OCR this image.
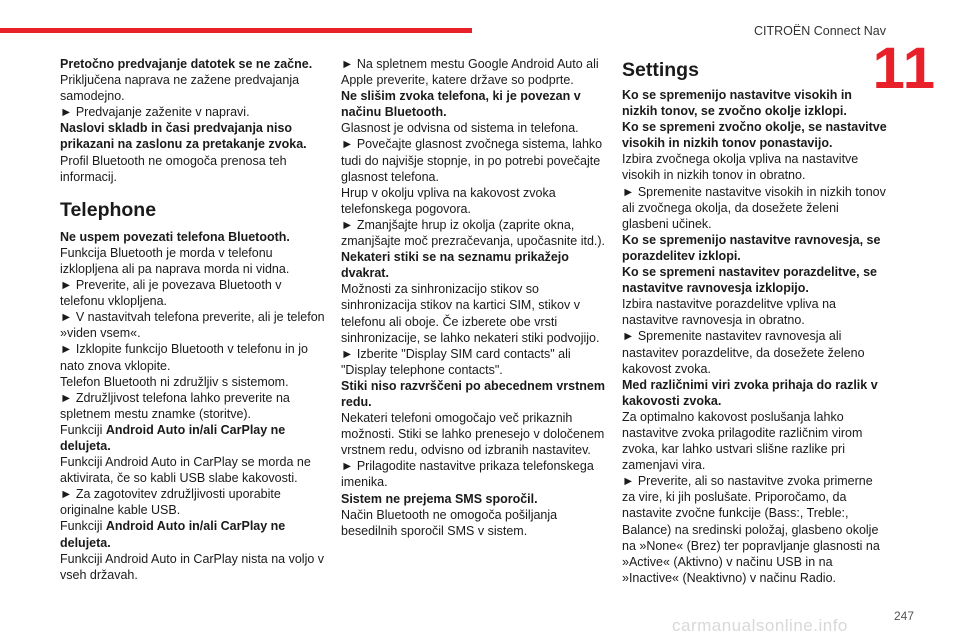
CITROËN Connect Nav
11

Pretočno predvajanje datotek se ne začne.

Priključena naprava ne zažene predvajanja samodejno.

► Predvajanje zaženite v napravi.

Naslovi skladb in časi predvajanja niso prikazani na zaslonu za pretakanje zvoka.

Profil Bluetooth ne omogoča prenosa teh informacij.

Telephone

Ne uspem povezati telefona Bluetooth.

Funkcija Bluetooth je morda v telefonu izklopljena ali pa naprava morda ni vidna.

► Preverite, ali je povezava Bluetooth v telefonu vklopljena.

► V nastavitvah telefona preverite, ali je telefon »viden vsem«.

► Izklopite funkcijo Bluetooth v telefonu in jo nato znova vklopite.

Telefon Bluetooth ni združljiv s sistemom.

► Združljivost telefona lahko preverite na spletnem mestu znamke (storitve).

Funkciji Android Auto in/ali CarPlay ne delujeta.

Funkciji Android Auto in CarPlay se morda ne aktivirata, če so kabli USB slabe kakovosti.

► Za zagotovitev združljivosti uporabite originalne kable USB.

Funkciji Android Auto in/ali CarPlay ne delujeta.

Funkciji Android Auto in CarPlay nista na voljo v vseh državah.

► Na spletnem mestu Google Android Auto ali Apple preverite, katere države so podprte.

Ne slišim zvoka telefona, ki je povezan v načinu Bluetooth.

Glasnost je odvisna od sistema in telefona.

► Povečajte glasnost zvočnega sistema, lahko tudi do najvišje stopnje, in po potrebi povečajte glasnost telefona.

Hrup v okolju vpliva na kakovost zvoka telefonskega pogovora.

► Zmanjšajte hrup iz okolja (zaprite okna, zmanjšajte moč prezračevanja, upočasnite itd.).

Nekateri stiki se na seznamu prikažejo dvakrat.

Možnosti za sinhronizacijo stikov so sinhronizacija stikov na kartici SIM, stikov v telefonu ali oboje. Če izberete obe vrsti sinhronizacije, se lahko nekateri stiki podvojijo.

► Izberite "Display SIM card contacts" ali "Display telephone contacts".

Stiki niso razvrščeni po abecednem vrstnem redu.

Nekateri telefoni omogočajo več prikaznih možnosti. Stiki se lahko prenesejo v določenem vrstnem redu, odvisno od izbranih nastavitev.

► Prilagodite nastavitve prikaza telefonskega imenika.

Sistem ne prejema SMS sporočil.

Način Bluetooth ne omogoča pošiljanja besedilnih sporočil SMS v sistem.

Settings

Ko se spremenijo nastavitve visokih in nizkih tonov, se zvočno okolje izklopi.

Ko se spremeni zvočno okolje, se nastavitve visokih in nizkih tonov ponastavijo.

Izbira zvočnega okolja vpliva na nastavitve visokih in nizkih tonov in obratno.

► Spremenite nastavitve visokih in nizkih tonov ali zvočnega okolja, da dosežete želeni glasbeni učinek.

Ko se spremenijo nastavitve ravnovesja, se porazdelitev izklopi.

Ko se spremeni nastavitev porazdelitve, se nastavitve ravnovesja izklopijo.

Izbira nastavitve porazdelitve vpliva na nastavitve ravnovesja in obratno.

► Spremenite nastavitev ravnovesja ali nastavitev porazdelitve, da dosežete želeno kakovost zvoka.

Med različnimi viri zvoka prihaja do razlik v kakovosti zvoka.

Za optimalno kakovost poslušanja lahko nastavitve zvoka prilagodite različnim virom zvoka, kar lahko ustvari slišne razlike pri zamenjavi vira.

► Preverite, ali so nastavitve zvoka primerne za vire, ki jih poslušate. Priporočamo, da nastavite zvočne funkcije (Bass:, Treble:, Balance) na sredinski položaj, glasbeno okolje na »None« (Brez) ter popravljanje glasnosti na »Active« (Aktivno) v načinu USB in na »Inactive« (Neaktivno) v načinu Radio.

247
carmanualsonline.info
